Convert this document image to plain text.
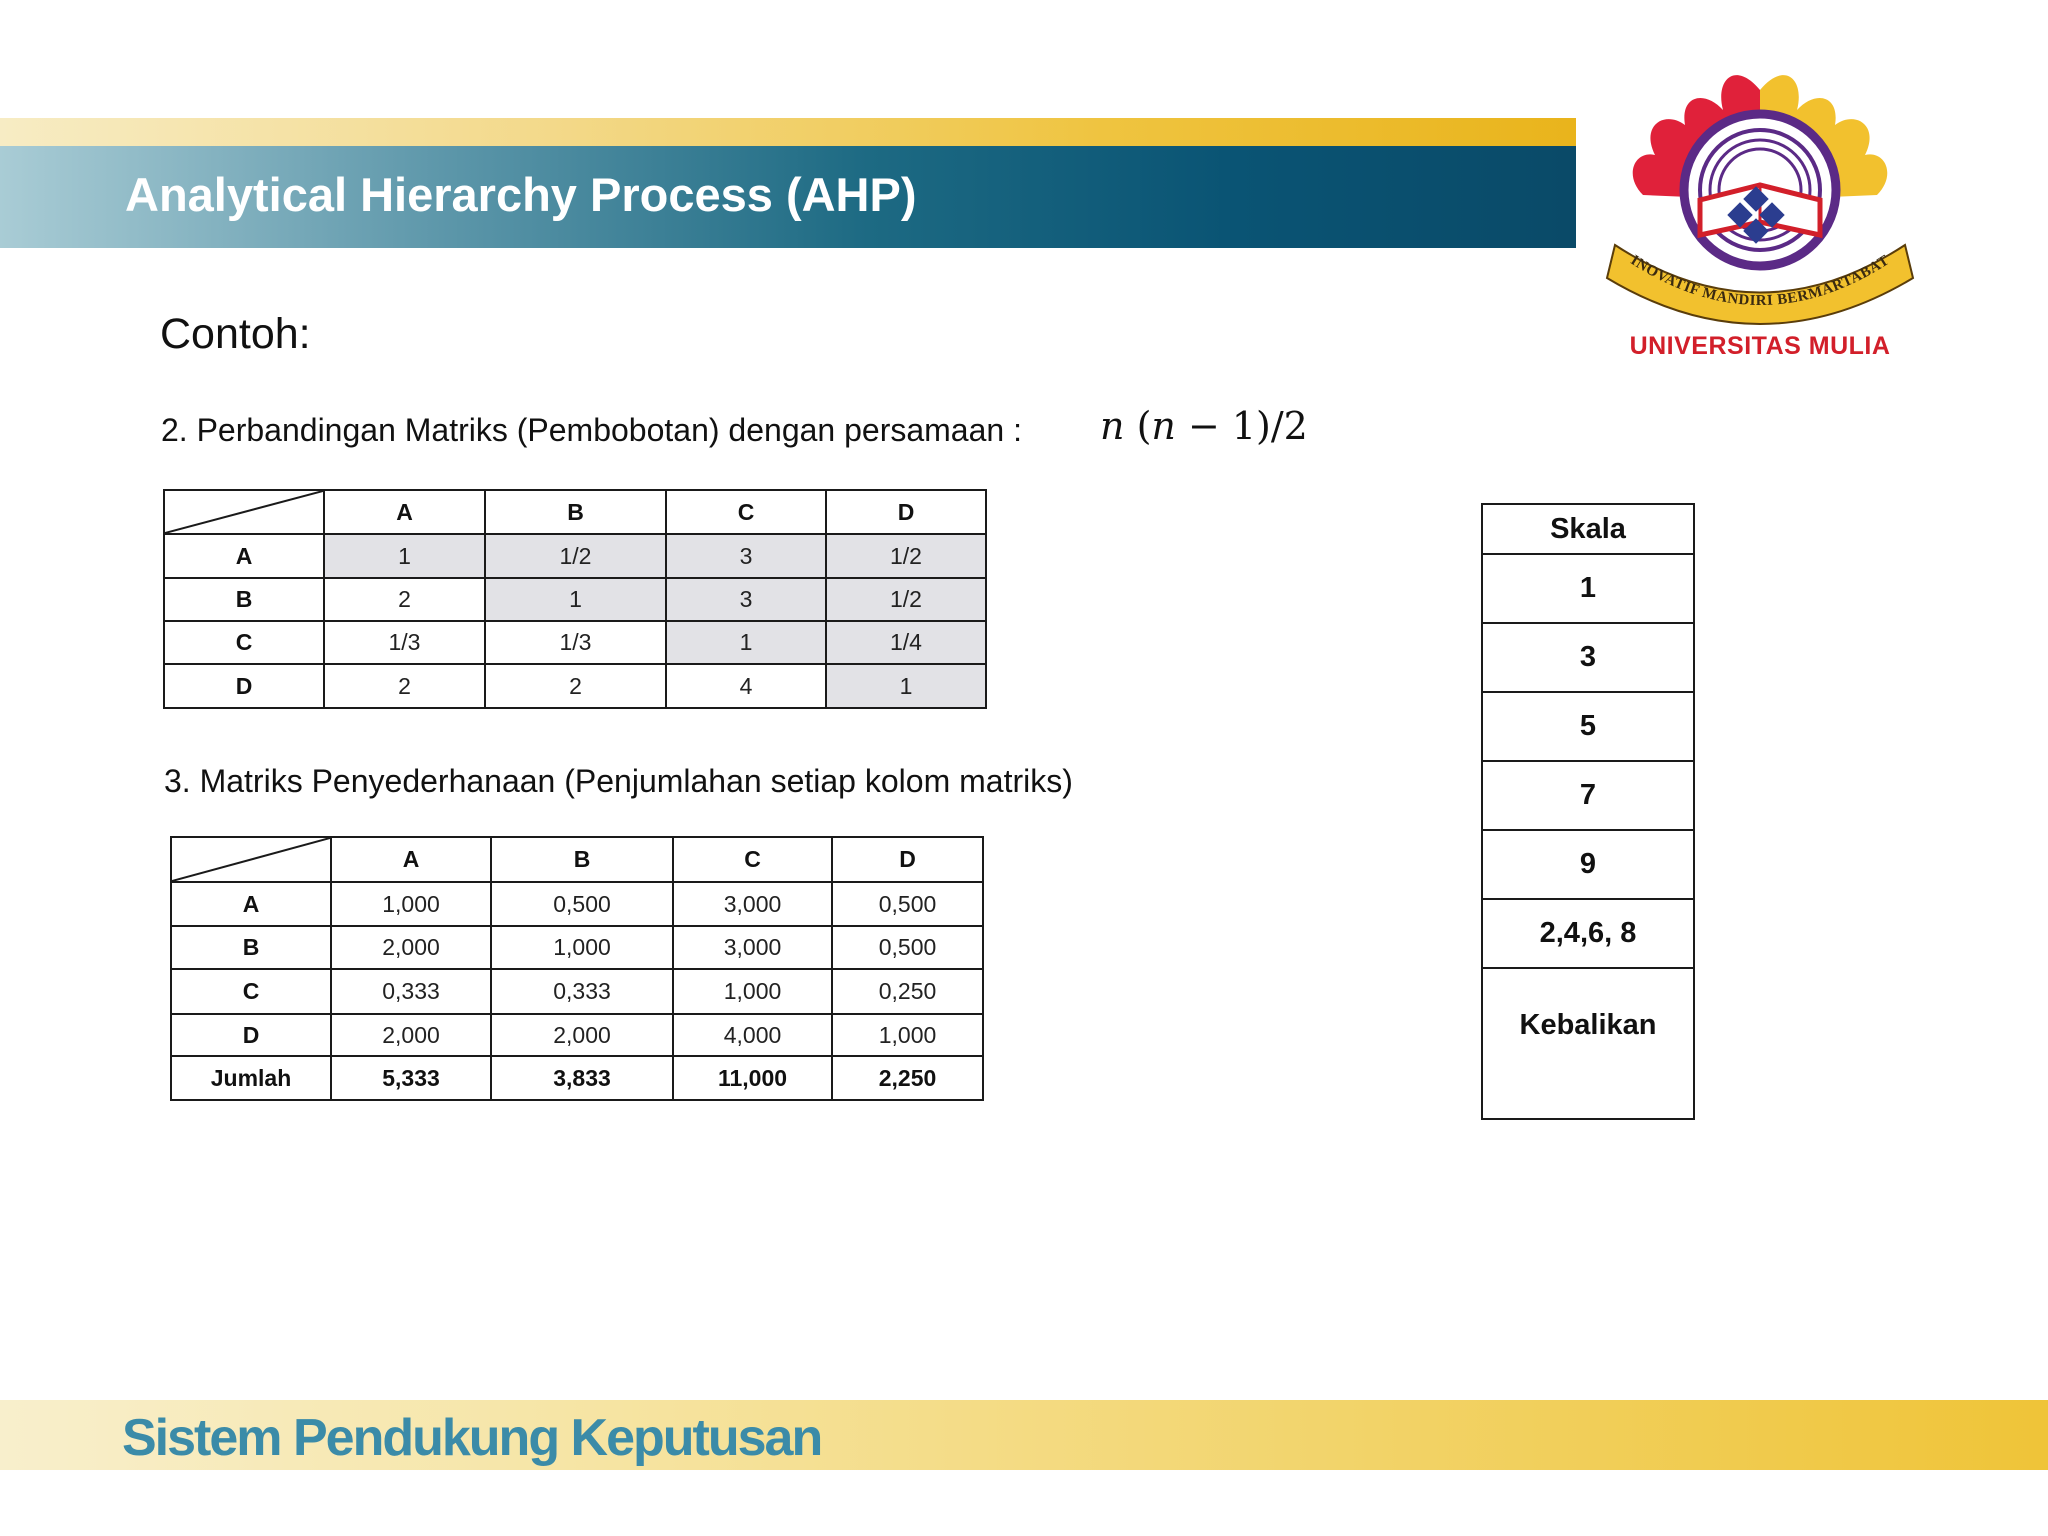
Analytical Hierarchy Process (AHP)
INOVATIF MANDIRI BERMARTABAT
UNIVERSITAS MULIA
Contoh:
2. Perbandingan Matriks (Pembobotan) dengan persamaan : n (n − 1)/2
	A	B	C	D
A	1	1/2	3	1/2
B	2	1	3	1/2
C	1/3	1/3	1	1/4
D	2	2	4	1
3. Matriks Penyederhanaan (Penjumlahan setiap kolom matriks)
	A	B	C	D
A	1,000	0,500	3,000	0,500
B	2,000	1,000	3,000	0,500
C	0,333	0,333	1,000	0,250
D	2,000	2,000	4,000	1,000
Jumlah	5,333	3,833	11,000	2,250
Skala
1
3
5
7
9
2,4,6, 8
Kebalikan
Sistem Pendukung Keputusan
